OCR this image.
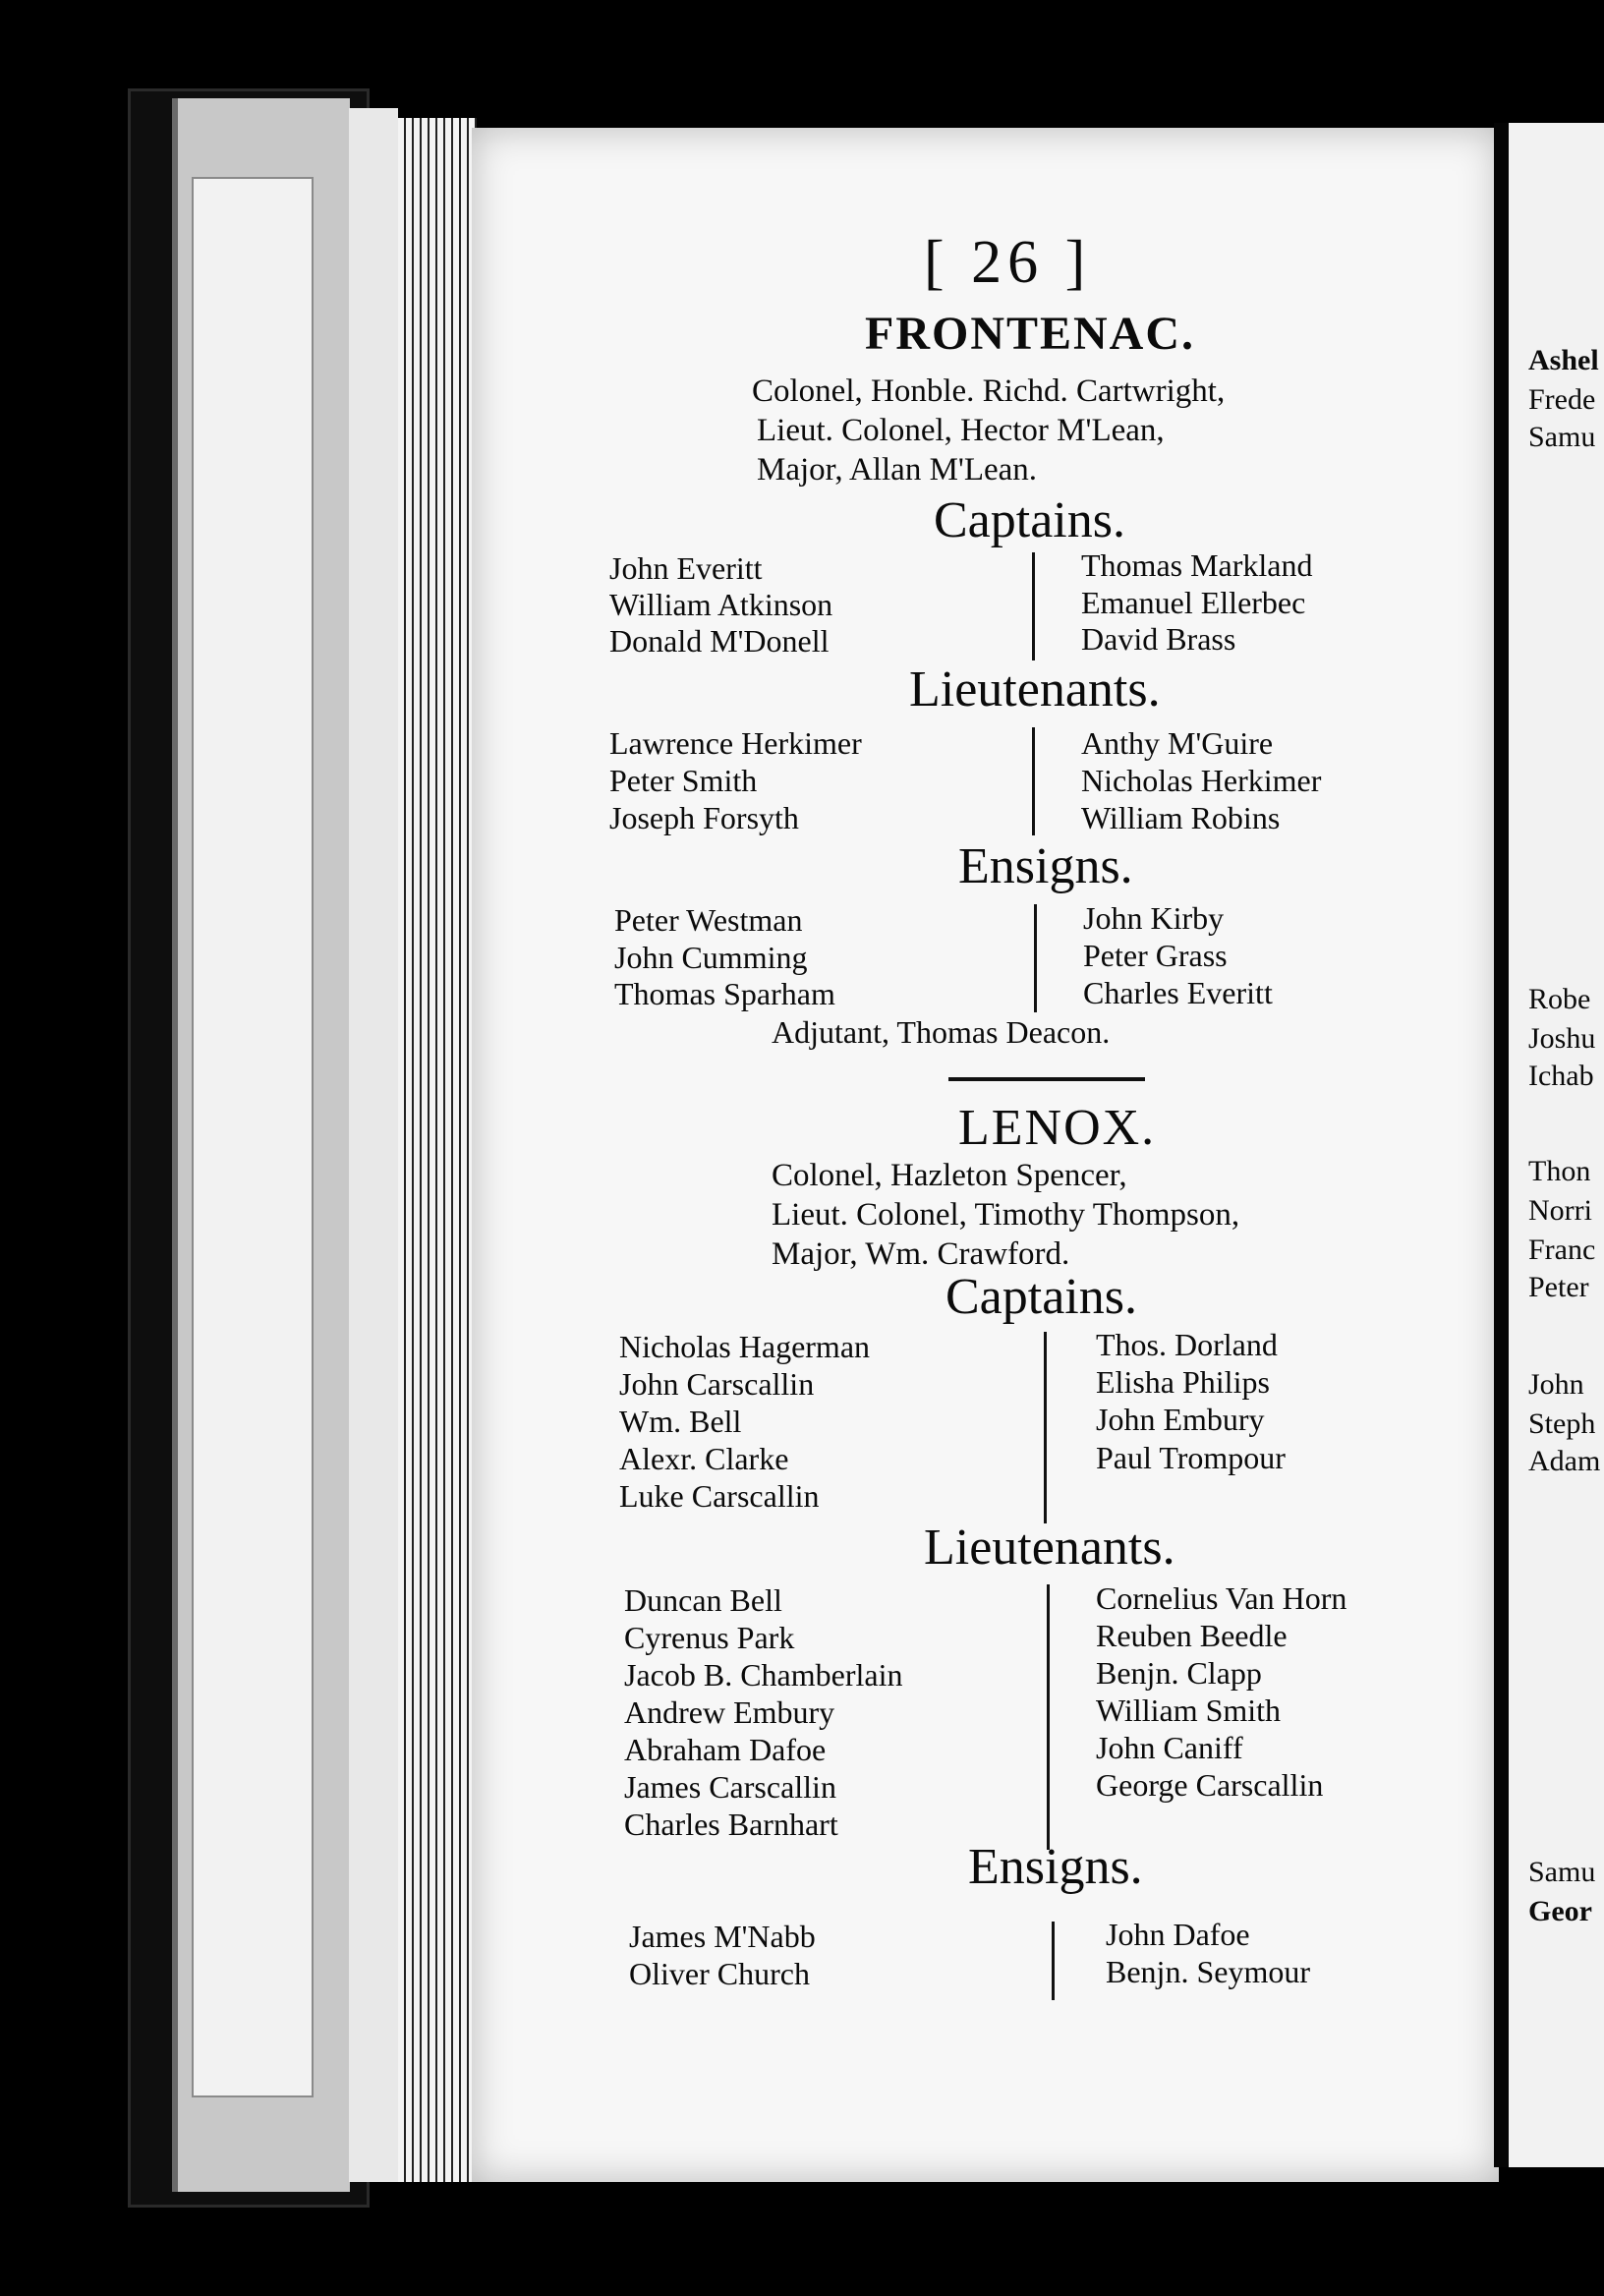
Ashel
Frede
Samu
Robe
Joshu
Ichab
Thon
Norri
Franc
Peter
John
Steph
Adam
Samu
Geor
[ 26 ]
FRONTENAC.
Colonel, Honble. Richd. Cartwright,
Lieut. Colonel, Hector M'Lean,
Major, Allan M'Lean.
Captains.
John Everitt
William Atkinson
Donald M'Donell
Thomas Markland
Emanuel Ellerbec
David Brass
Lieutenants.
Lawrence Herkimer
Peter Smith
Joseph Forsyth
Anthy M'Guire
Nicholas Herkimer
William Robins
Ensigns.
Peter Westman
John Cumming
Thomas Sparham
John Kirby
Peter Grass
Charles Everitt
Adjutant, Thomas Deacon.
LENOX.
Colonel, Hazleton Spencer,
Lieut. Colonel, Timothy Thompson,
Major, Wm. Crawford.
Captains.
Nicholas Hagerman
John Carscallin
Wm. Bell
Alexr. Clarke
Luke Carscallin
Thos. Dorland
Elisha Philips
John Embury
Paul Trompour
Lieutenants.
Duncan Bell
Cyrenus Park
Jacob B. Chamberlain
Andrew Embury
Abraham Dafoe
James Carscallin
Charles Barnhart
Cornelius Van Horn
Reuben Beedle
Benjn. Clapp
William Smith
John Caniff
George Carscallin
Ensigns.
James M'Nabb
Oliver Church
John Dafoe
Benjn. Seymour
